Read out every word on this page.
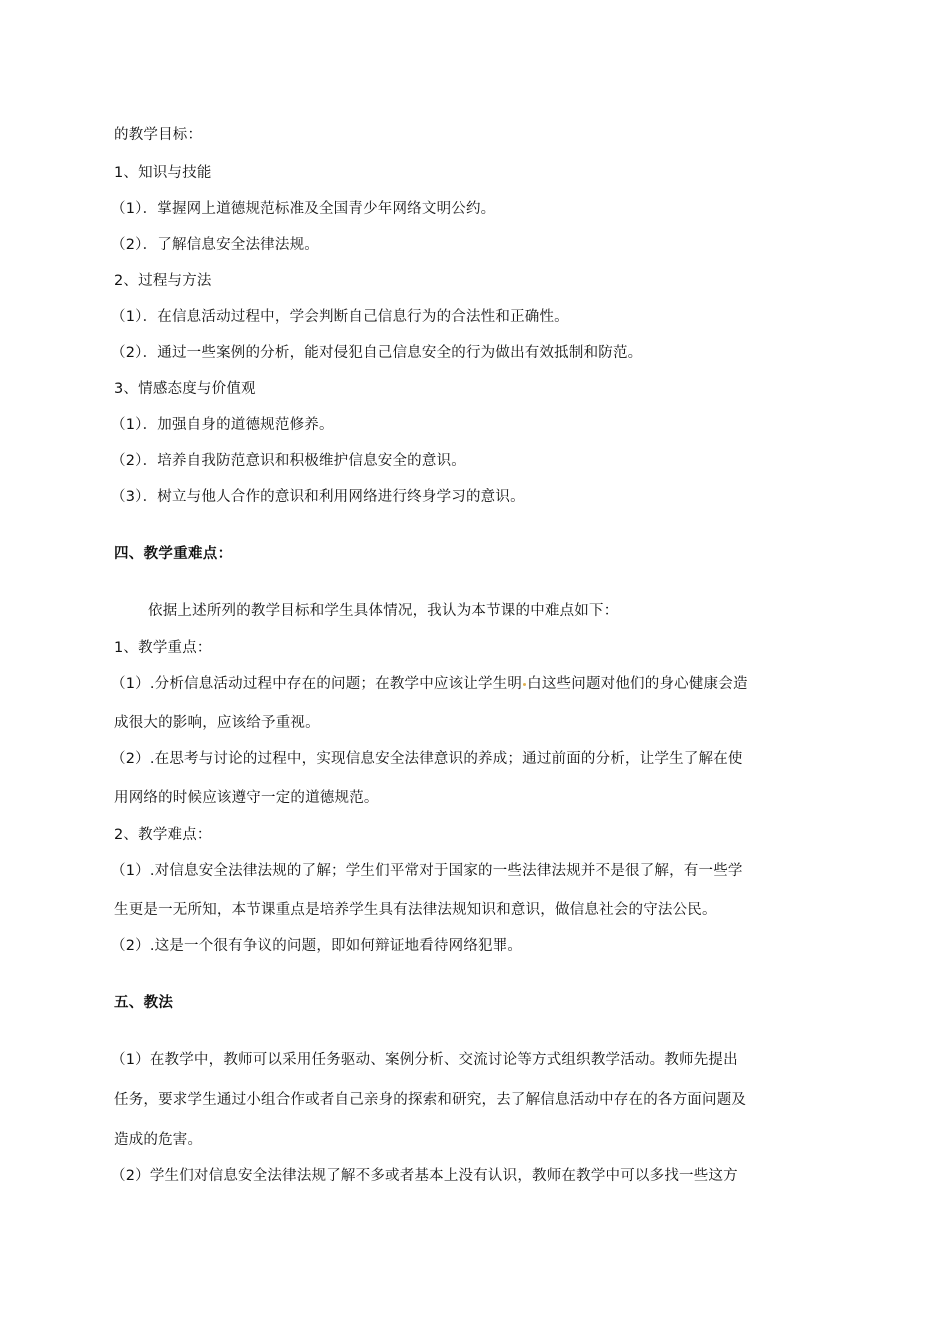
的教学目标：
1、知识与技能
（1）．掌握网上道德规范标准及全国青少年网络文明公约。
（2）．了解信息安全法律法规。
2、过程与方法
（1）．在信息活动过程中，学会判断自己信息行为的合法性和正确性。
（2）．通过一些案例的分析，能对侵犯自己信息安全的行为做出有效抵制和防范。
3、情感态度与价值观
（1）．加强自身的道德规范修养。
（2）．培养自我防范意识和积极维护信息安全的意识。
（3）．树立与他人合作的意识和利用网络进行终身学习的意识。
四、教学重难点：
依据上述所列的教学目标和学生具体情况，我认为本节课的中难点如下：
1、教学重点：
（1）.分析信息活动过程中存在的问题；在教学中应该让学生明 白这些问题对他们的身心健康会造
成很大的影响，应该给予重视。
（2）.在思考与讨论的过程中，实现信息安全法律意识的养成；通过前面的分析，让学生了解在使
用网络的时候应该遵守一定的道德规范。
2、教学难点：
（1）.对信息安全法律法规的了解；学生们平常对于国家的一些法律法规并不是很了解，有一些学
生更是一无所知，本节课重点是培养学生具有法律法规知识和意识，做信息社会的守法公民。
（2）.这是一个很有争议的问题，即如何辩证地看待网络犯罪。
五、教法
（1）在教学中，教师可以采用任务驱动、案例分析、交流讨论等方式组织教学活动。教师先提出
任务，要求学生通过小组合作或者自己亲身的探索和研究，去了解信息活动中存在的各方面问题及
造成的危害。
（2）学生们对信息安全法律法规了解不多或者基本上没有认识，教师在教学中可以多找一些这方
